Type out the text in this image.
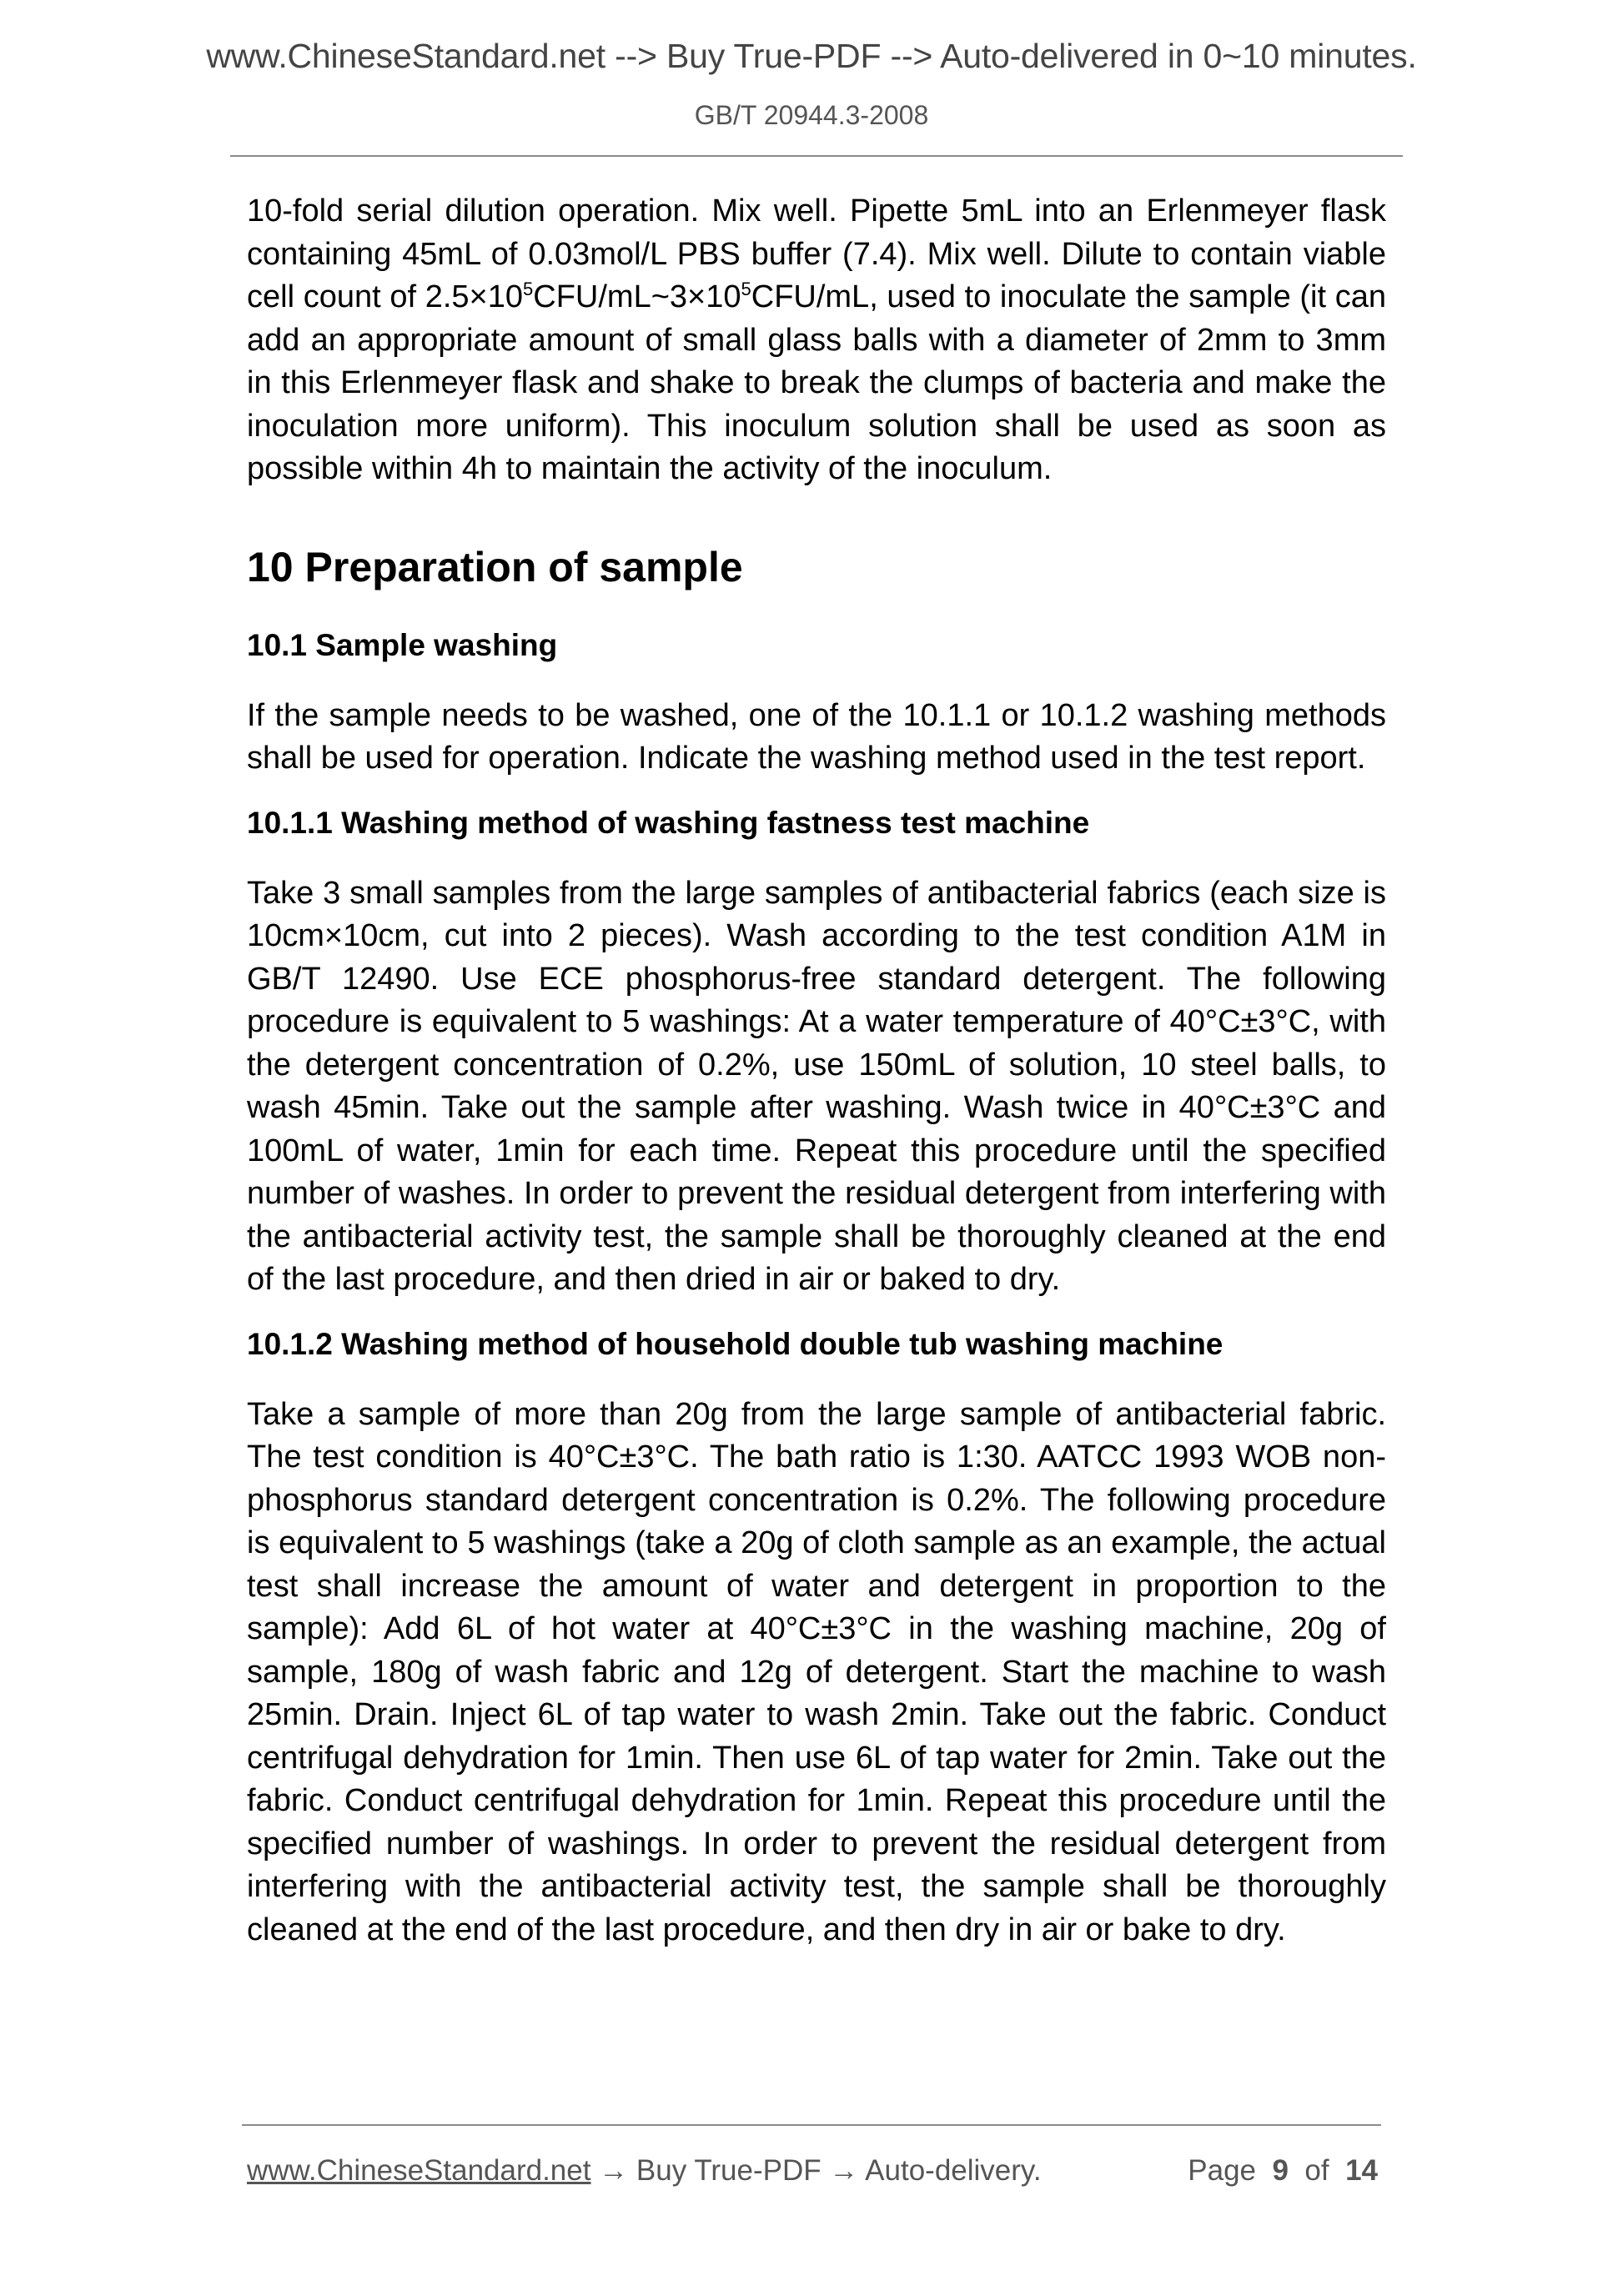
www.ChineseStandard.net --> Buy True-PDF --> Auto-delivered in 0~10 minutes.
GB/T 20944.3-2008

10-fold serial dilution operation. Mix well. Pipette 5mL into an Erlenmeyer flask containing 45mL of 0.03mol/L PBS buffer (7.4). Mix well. Dilute to contain viable cell count of $2.5\times 10^5CFU/mL\sim 3\times 10^5CFU/mL$, used to inoculate the sample (it can add an appropriate amount of small glass balls with a diameter of 2mm to 3mm in this Erlenmeyer flask and shake to break the clumps of bacteria and make the inoculation more uniform). This inoculum solution shall be used as soon as possible within 4h to maintain the activity of the inoculum.

10 Preparation of sample
10.1 Sample washing

If the sample needs to be washed, one of the 10.1.1 or 10.1.2 washing methods shall be used for operation. Indicate the washing method used in the test report.

10.1.1 Washing method of washing fastness test machine

Take 3 small samples from the large samples of antibacterial fabrics (each size is 10cm×10cm, cut into 2 pieces). Wash according to the test condition A1M in GB/T 12490. Use ECE phosphorus-free standard detergent. The following procedure is equivalent to 5 washings: At a water temperature of 40°C±3°C, with the detergent concentration of 0.2%, use 150mL of solution, 10 steel balls, to wash 45min. Take out the sample after washing. Wash twice in 40°C±3°C and 100mL of water, 1min for each time. Repeat this procedure until the specified number of washes. In order to prevent the residual detergent from interfering with the antibacterial activity test, the sample shall be thoroughly cleaned at the end of the last procedure, and then dried in air or baked to dry.

10.1.2 Washing method of household double tub washing machine

Take a sample of more than 20g from the large sample of antibacterial fabric. The test condition is 40°C±3°C. The bath ratio is 1:30. AATCC 1993 WOB non-phosphorus standard detergent concentration is 0.2%. The following procedure is equivalent to 5 washings (take a 20g of cloth sample as an example, the actual test shall increase the amount of water and detergent in proportion to the sample): Add 6L of hot water at 40°C±3°C in the washing machine, 20g of sample, 180g of wash fabric and 12g of detergent. Start the machine to wash 25min. Drain. Inject 6L of tap water to wash 2min. Take out the fabric. Conduct centrifugal dehydration for 1min. Then use 6L of tap water for 2min. Take out the fabric. Conduct centrifugal dehydration for 1min. Repeat this procedure until the specified number of washings. In order to prevent the residual detergent from interfering with the antibacterial activity test, the sample shall be thoroughly cleaned at the end of the last procedure, and then dry in air or bake to dry.

www.ChineseStandard.net → Buy True-PDF → Auto-delivery.	Page 9 of 14
